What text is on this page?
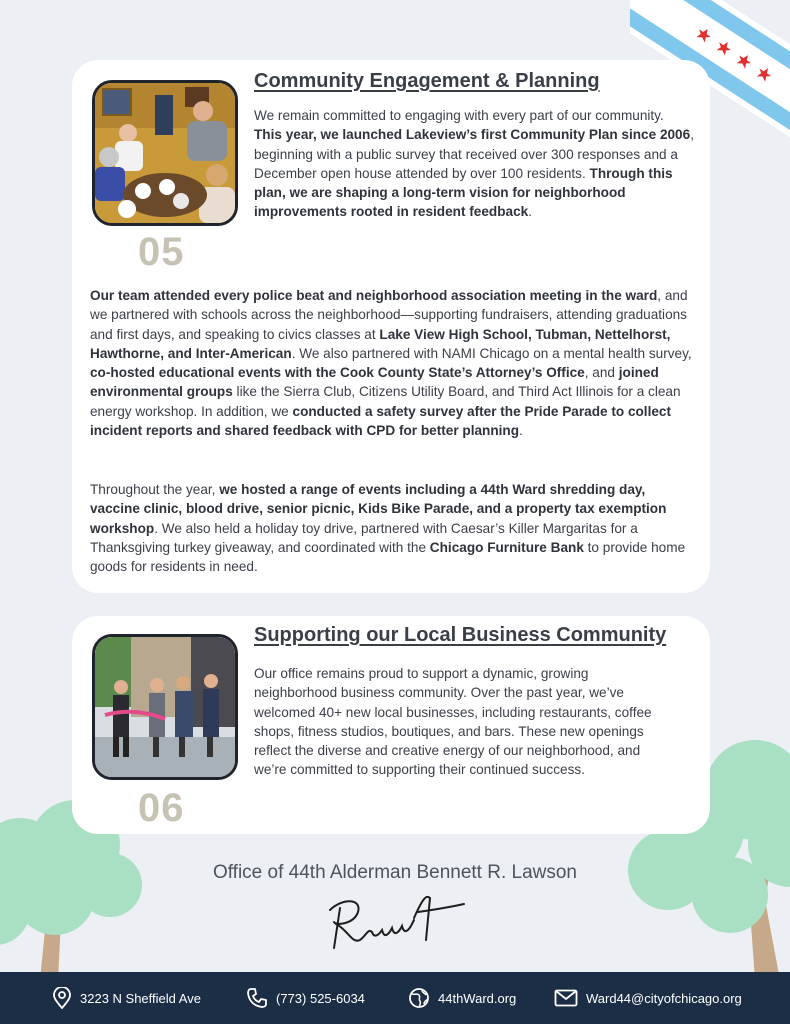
05
Community Engagement & Planning
We remain committed to engaging with every part of our community. This year, we launched Lakeview’s first Community Plan since 2006, beginning with a public survey that received over 300 responses and a December open house attended by over 100 residents. Through this plan, we are shaping a long-term vision for neighborhood improvements rooted in resident feedback.
Our team attended every police beat and neighborhood association meeting in the ward, and we partnered with schools across the neighborhood—supporting fundraisers, attending graduations and first days, and speaking to civics classes at Lake View High School, Tubman, Nettelhorst, Hawthorne, and Inter-American. We also partnered with NAMI Chicago on a mental health survey, co-hosted educational events with the Cook County State’s Attorney’s Office, and joined environmental groups like the Sierra Club, Citizens Utility Board, and Third Act Illinois for a clean energy workshop. In addition, we conducted a safety survey after the Pride Parade to collect incident reports and shared feedback with CPD for better planning.
Throughout the year, we hosted a range of events including a 44th Ward shredding day, vaccine clinic, blood drive, senior picnic, Kids Bike Parade, and a property tax exemption workshop. We also held a holiday toy drive, partnered with Caesar’s Killer Margaritas for a Thanksgiving turkey giveaway, and coordinated with the Chicago Furniture Bank to provide home goods for residents in need.
06
Supporting our Local Business Community
Our office remains proud to support a dynamic, growing neighborhood business community. Over the past year, we’ve welcomed 40+ new local businesses, including restaurants, coffee shops, fitness studios, boutiques, and bars. These new openings reflect the diverse and creative energy of our neighborhood, and we’re committed to supporting their continued success.
Office of 44th Alderman Bennett R. Lawson
3223 N Sheffield Ave	(773) 525-6034	44thWard.org	Ward44@cityofchicago.org
